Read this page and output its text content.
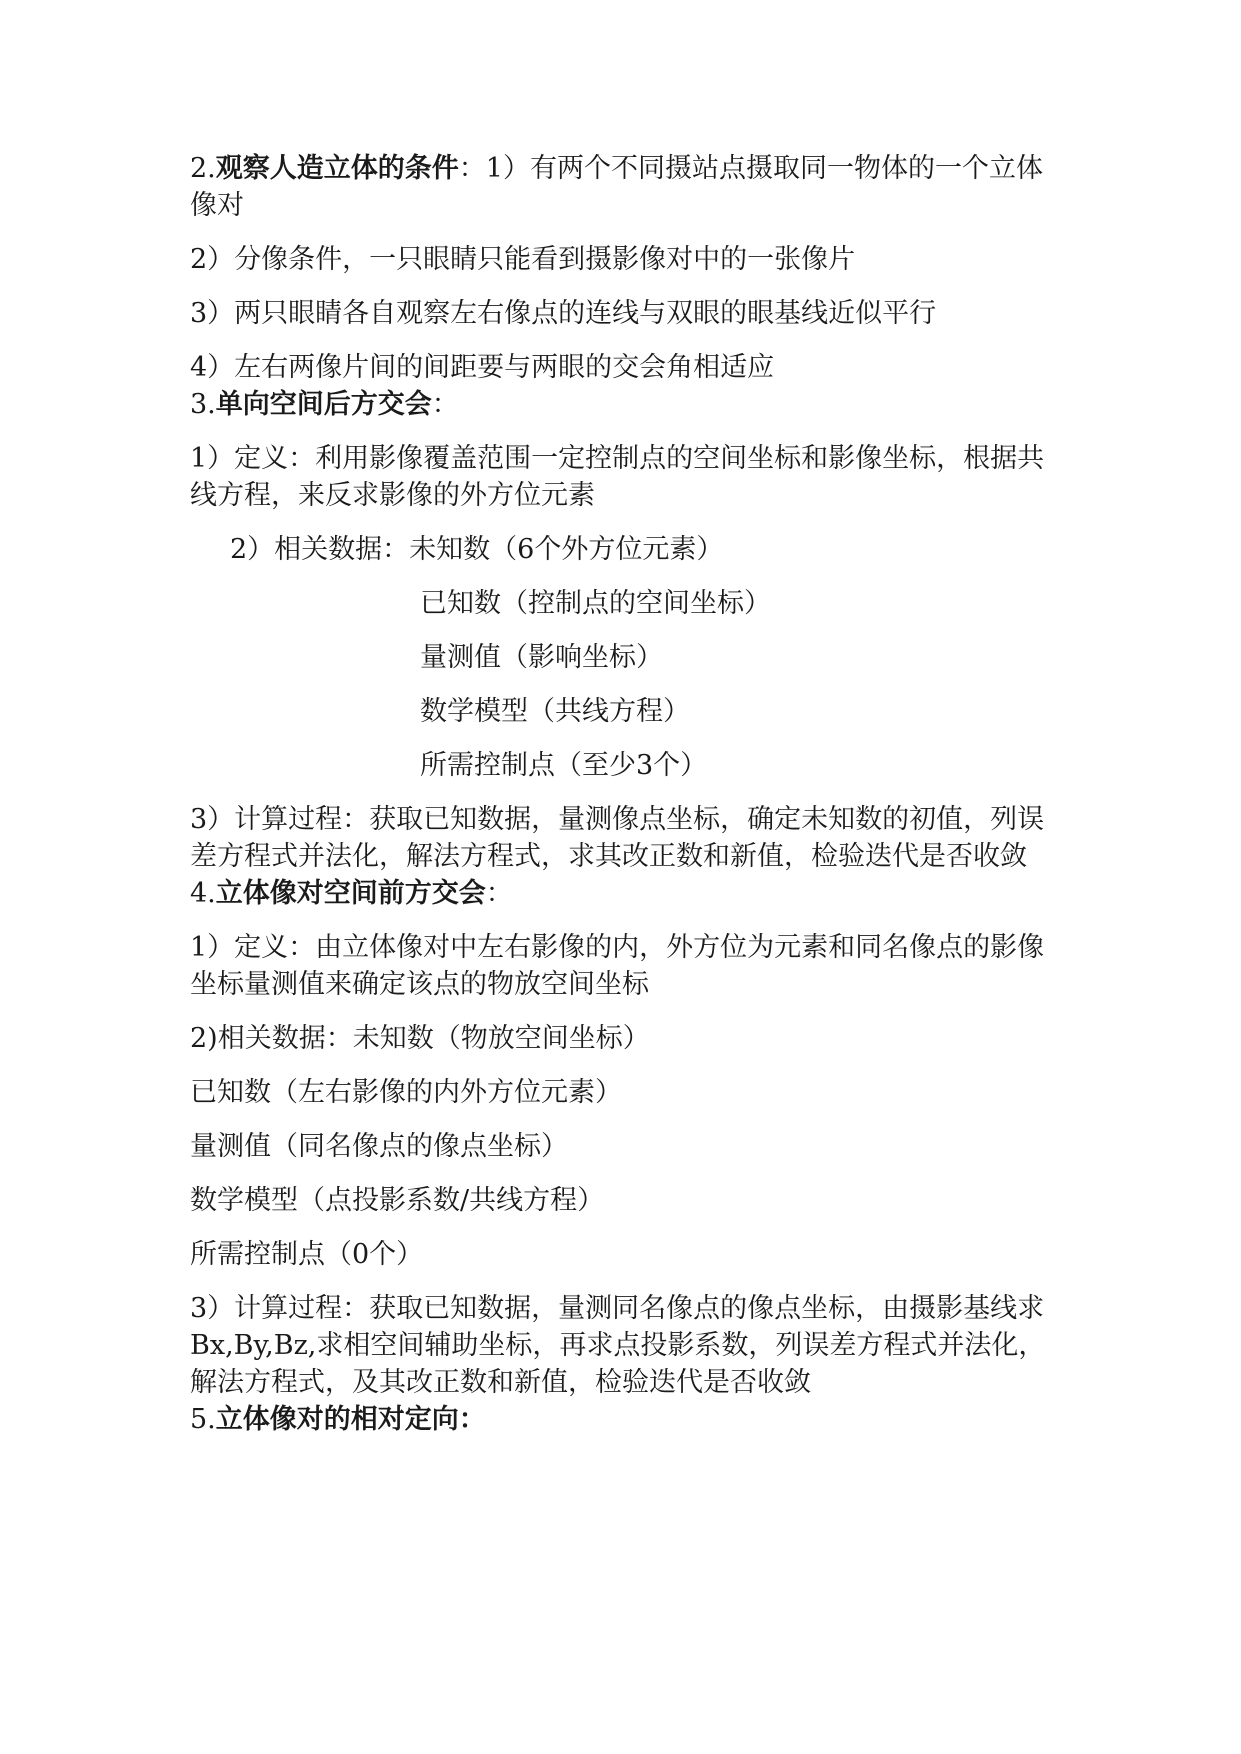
2.观察人造立体的条件：1）有两个不同摄站点摄取同一物体的一个立体像对

2）分像条件，一只眼睛只能看到摄影像对中的一张像片

3）两只眼睛各自观察左右像点的连线与双眼的眼基线近似平行

4）左右两像片间的间距要与两眼的交会角相适应

3.单向空间后方交会：

1）定义：利用影像覆盖范围一定控制点的空间坐标和影像坐标，根据共线方程，来反求影像的外方位元素

2）相关数据：未知数（6个外方位元素）

已知数（控制点的空间坐标）

量测值（影响坐标）

数学模型（共线方程）

所需控制点（至少3个）

3）计算过程：获取已知数据，量测像点坐标，确定未知数的初值，列误差方程式并法化，解法方程式，求其改正数和新值，检验迭代是否收敛

4.立体像对空间前方交会：

1）定义：由立体像对中左右影像的内，外方位为元素和同名像点的影像坐标量测值来确定该点的物放空间坐标

2)相关数据：未知数（物放空间坐标）

已知数（左右影像的内外方位元素）

量测值（同名像点的像点坐标）

数学模型（点投影系数/共线方程）

所需控制点（0个）

3）计算过程：获取已知数据，量测同名像点的像点坐标，由摄影基线求Bx,By,Bz,求相空间辅助坐标，再求点投影系数，列误差方程式并法化，解法方程式，及其改正数和新值，检验迭代是否收敛

5.立体像对的相对定向：
